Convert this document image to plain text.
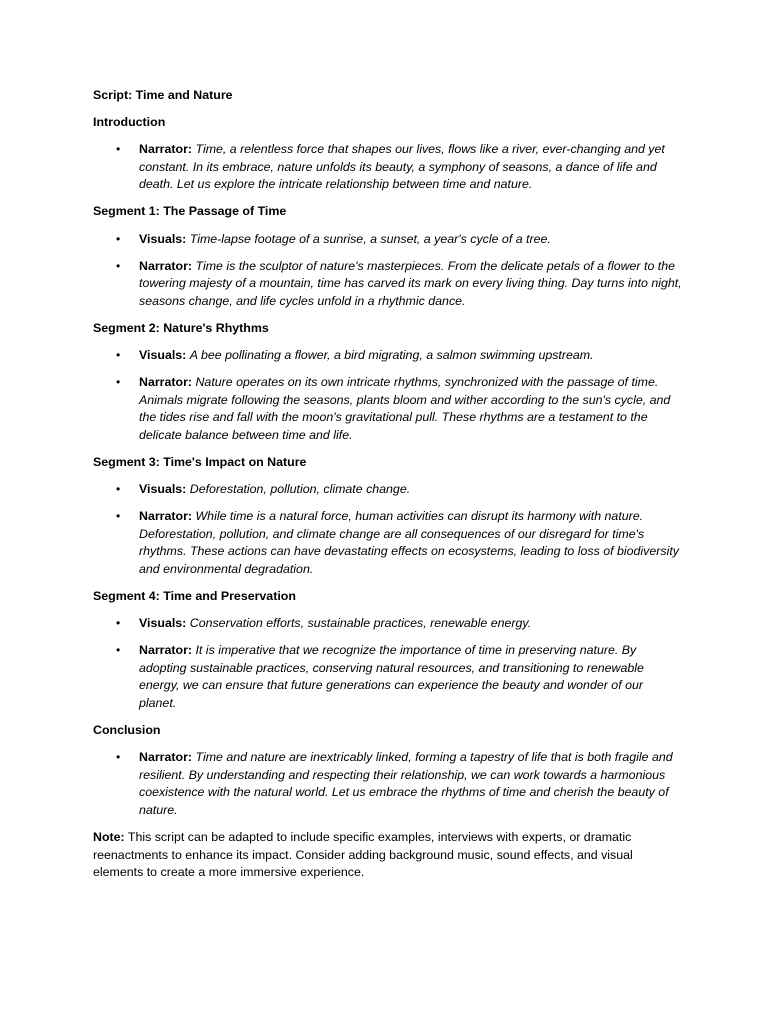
Script: Time and Nature

Introduction

• Narrator: Time, a relentless force that shapes our lives, flows like a river, ever-changing and yet constant. In its embrace, nature unfolds its beauty, a symphony of seasons, a dance of life and death. Let us explore the intricate relationship between time and nature.

Segment 1: The Passage of Time

• Visuals: Time-lapse footage of a sunrise, a sunset, a year's cycle of a tree.
• Narrator: Time is the sculptor of nature's masterpieces. From the delicate petals of a flower to the towering majesty of a mountain, time has carved its mark on every living thing. Day turns into night, seasons change, and life cycles unfold in a rhythmic dance.

Segment 2: Nature's Rhythms

• Visuals: A bee pollinating a flower, a bird migrating, a salmon swimming upstream.
• Narrator: Nature operates on its own intricate rhythms, synchronized with the passage of time. Animals migrate following the seasons, plants bloom and wither according to the sun's cycle, and the tides rise and fall with the moon's gravitational pull. These rhythms are a testament to the delicate balance between time and life.

Segment 3: Time's Impact on Nature

• Visuals: Deforestation, pollution, climate change.
• Narrator: While time is a natural force, human activities can disrupt its harmony with nature. Deforestation, pollution, and climate change are all consequences of our disregard for time's rhythms. These actions can have devastating effects on ecosystems, leading to loss of biodiversity and environmental degradation.

Segment 4: Time and Preservation

• Visuals: Conservation efforts, sustainable practices, renewable energy.
• Narrator: It is imperative that we recognize the importance of time in preserving nature. By adopting sustainable practices, conserving natural resources, and transitioning to renewable energy, we can ensure that future generations can experience the beauty and wonder of our planet.

Conclusion

• Narrator: Time and nature are inextricably linked, forming a tapestry of life that is both fragile and resilient. By understanding and respecting their relationship, we can work towards a harmonious coexistence with the natural world. Let us embrace the rhythms of time and cherish the beauty of nature.

Note: This script can be adapted to include specific examples, interviews with experts, or dramatic reenactments to enhance its impact. Consider adding background music, sound effects, and visual elements to create a more immersive experience.
